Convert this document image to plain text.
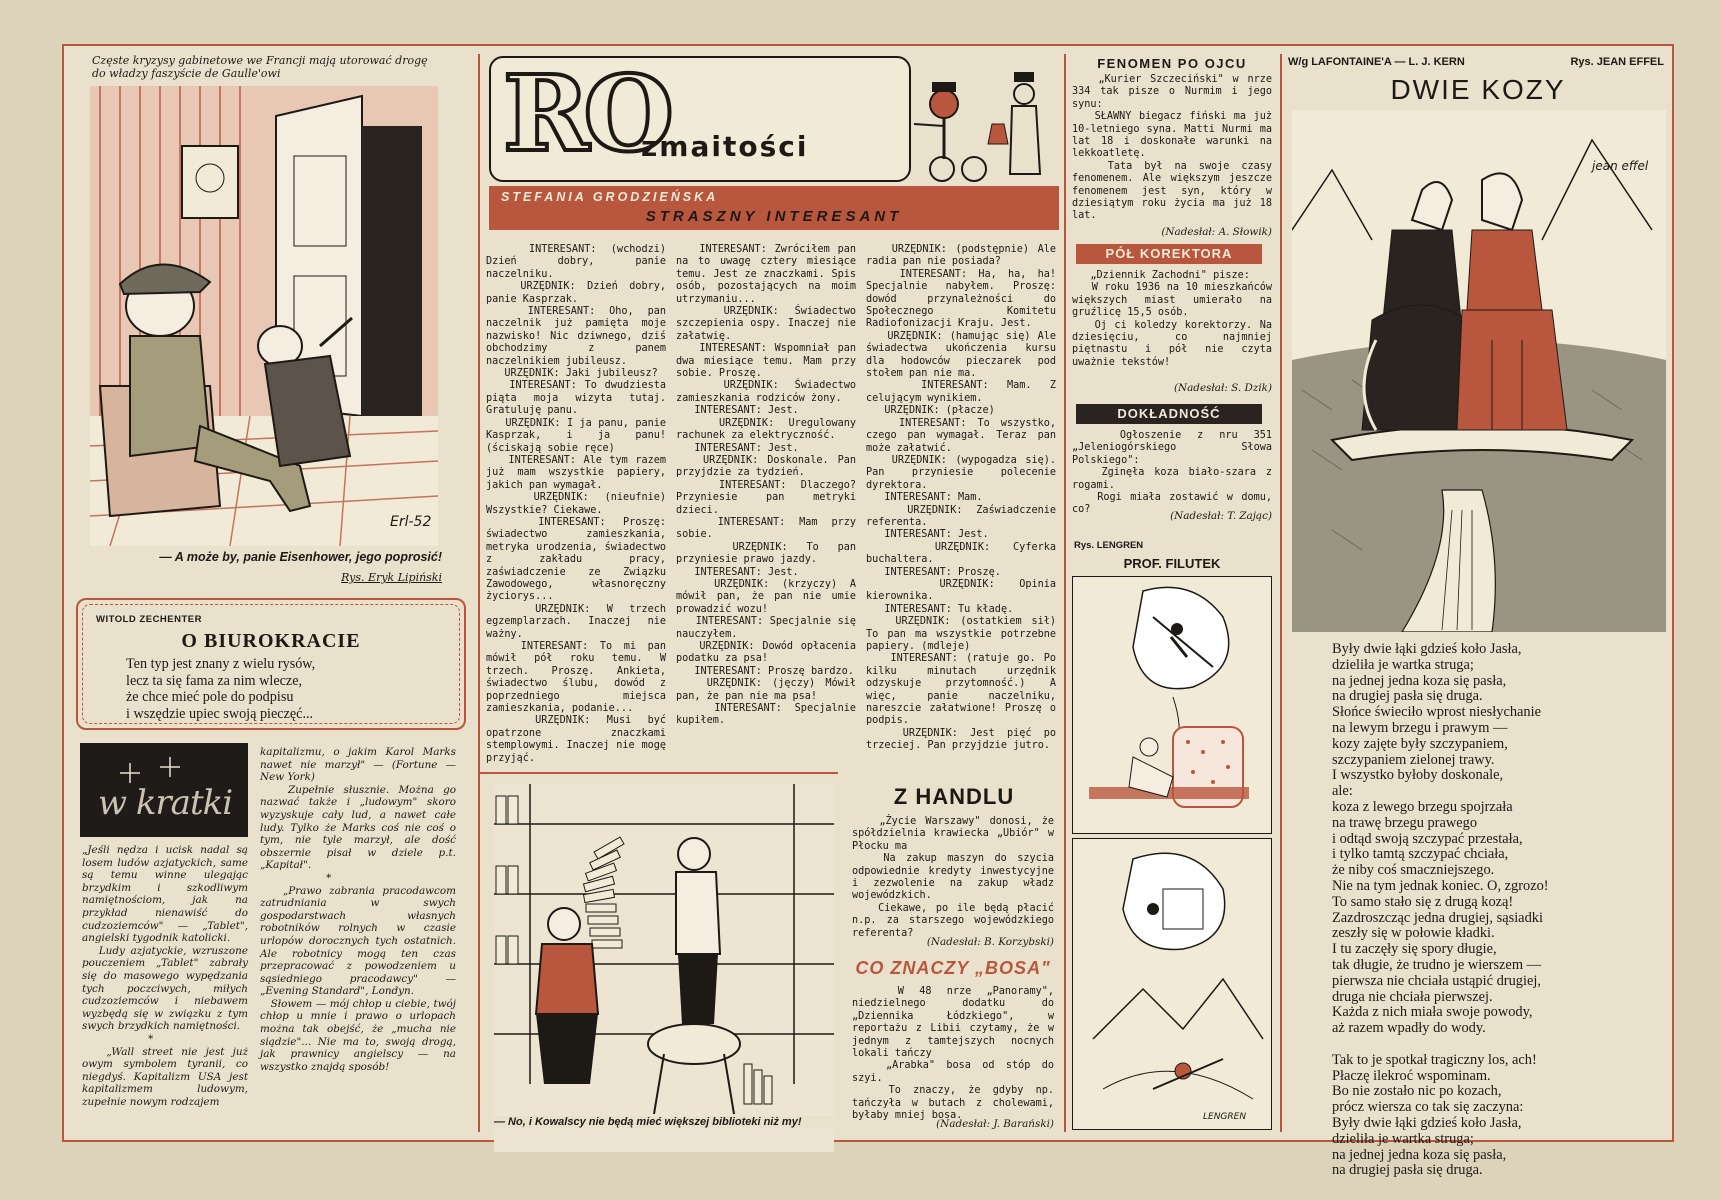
Częste kryzysy gabinetowe we Francji mają utorować drogę do władzy faszyście de Gaulle'owi
Erl-52
— A może by, panie Eisenhower, jego poprosić!
Rys. Eryk Lipiński
WITOLD ZECHENTER
O BIUROKRACIE
Ten typ jest znany z wielu rysów,
lecz ta się fama za nim wlecze,
że chce mieć pole do podpisu
i wszędzie upiec swoją pieczęć...
w kratki
„Jeśli nędza i ucisk nadal są losem ludów azjatyckich, same są temu winne ulegając brzydkim i szkodliwym namiętnościom, jak na przykład nienawiść do cudzoziemców" — „Tablet", angielski tygodnik katolicki.
Ludy azjatyckie, wzruszone pouczeniem „Tablet" zabrały się do masowego wypędzania tych poczciwych, miłych cudzoziemców i niebawem wyzbędą się w związku z tym swych brzydkich namiętności.
*
„Wall street nie jest już owym symbolem tyranii, co niegdyś. Kapitalizm USA jest kapitalizmem ludowym, zupełnie nowym rodzajem
kapitalizmu, o jakim Karol Marks nawet nie marzył" — (Fortune — New York)
Zupełnie słusznie. Można go nazwać także i „ludowym" skoro wyzyskuje cały lud, a nawet całe ludy. Tylko że Marks coś nie coś o tym, nie tyle marzył, ale dość obszernie pisał w dziele p.t. „Kapitał".
*
„Prawo zabrania pracodawcom zatrudniania w swych gospodarstwach własnych robotników rolnych w czasie urlopów dorocznych tych ostatnich. Ale robotnicy mogą ten czas przepracować z powodzeniem u sąsiedniego pracodawcy" — „Evening Standard", Londyn.
Słowem — mój chłop u ciebie, twój chłop u mnie i prawo o urlopach można tak obejść, że „mucha nie siądzie"... Nie ma to, swoją drogą, jak prawnicy angielscy — na wszystko znajdą sposób!
RO
zmaitości
STEFANIA GRODZIEŃSKA
STRASZNY INTERESANT
INTERESANT: (wchodzi) Dzień dobry, panie naczelniku.
URZĘDNIK: Dzień dobry, panie Kasprzak.
INTERESANT: Oho, pan naczelnik już pamięta moje nazwisko! Nic dziwnego, dziś obchodzimy z panem naczelnikiem jubileusz.
URZĘDNIK: Jaki jubileusz?
INTERESANT: To dwudziesta piąta moja wizyta tutaj. Gratuluję panu.
URZĘDNIK: I ja panu, panie Kasprzak, i ja panu! (ściskają sobie ręce)
INTERESANT: Ale tym razem już mam wszystkie papiery, jakich pan wymagał.
URZĘDNIK: (nieufnie) Wszystkie? Ciekawe.
INTERESANT: Proszę: świadectwo zamieszkania, metryka urodzenia, świadectwo z zakładu pracy, zaświadczenie ze Związku Zawodowego, własnoręczny życiorys...
URZĘDNIK: W trzech egzemplarzach. Inaczej nie ważny.
INTERESANT: To mi pan mówił pół roku temu. W trzech. Proszę. Ankieta, świadectwo ślubu, dowód z poprzedniego miejsca zamieszkania, podanie...
URZĘDNIK: Musi być opatrzone znaczkami stemplowymi. Inaczej nie mogę przyjąć.
INTERESANT: Zwróciłem pan na to uwagę cztery miesiące temu. Jest ze znaczkami. Spis osób, pozostających na moim utrzymaniu...
URZĘDNIK: Świadectwo szczepienia ospy. Inaczej nie załatwię.
INTERESANT: Wspomniał pan dwa miesiące temu. Mam przy sobie. Proszę.
URZĘDNIK: Świadectwo zamieszkania rodziców żony.
INTERESANT: Jest.
URZĘDNIK: Uregulowany rachunek za elektryczność.
INTERESANT: Jest.
URZĘDNIK: Doskonale. Pan przyjdzie za tydzień.
INTERESANT: Dlaczego? Przyniesie pan metryki dzieci.
INTERESANT: Mam przy sobie.
URZĘDNIK: To pan przyniesie prawo jazdy.
INTERESANT: Jest.
URZĘDNIK: (krzyczy) A mówił pan, że pan nie umie prowadzić wozu!
INTERESANT: Specjalnie się nauczyłem.
URZĘDNIK: Dowód opłacenia podatku za psa!
INTERESANT: Proszę bardzo.
URZĘDNIK: (jęczy) Mówił pan, że pan nie ma psa!
INTERESANT: Specjalnie kupiłem.
URZĘDNIK: (podstępnie) Ale radia pan nie posiada?
INTERESANT: Ha, ha, ha! Specjalnie nabyłem. Proszę: dowód przynależności do Społecznego Komitetu Radiofonizacji Kraju. Jest.
URZĘDNIK: (hamując się) Ale świadectwa ukończenia kursu dla hodowców pieczarek pod stołem pan nie ma.
INTERESANT: Mam. Z celującym wynikiem.
URZĘDNIK: (płacze)
INTERESANT: To wszystko, czego pan wymagał. Teraz pan może załatwić.
URZĘDNIK: (wypogadza się). Pan przyniesie polecenie dyrektora.
INTERESANT: Mam.
URZĘDNIK: Zaświadczenie referenta.
INTERESANT: Jest.
URZĘDNIK: Cyferka buchaltera.
INTERESANT: Proszę.
URZĘDNIK: Opinia kierownika.
INTERESANT: Tu kładę.
URZĘDNIK: (ostatkiem sił) To pan ma wszystkie potrzebne papiery. (mdleje)
INTERESANT: (ratuje go. Po kilku minutach urzędnik odzyskuje przytomność.) A więc, panie naczelniku, nareszcie załatwione! Proszę o podpis.
URZĘDNIK: Jest pięć po trzeciej. Pan przyjdzie jutro.
— No, i Kowalscy nie będą mieć większej biblioteki niż my!
Z HANDLU
„Życie Warszawy" donosi, że spółdzielnia krawiecka „Ubiór" w Płocku ma
Na zakup maszyn do szycia odpowiednie kredyty inwestycyjne i zezwolenie na zakup władz wojewódzkich.
Ciekawe, po ile będą płacić n.p. za starszego wojewódzkiego referenta?
(Nadesłał: B. Korzybski)
CO ZNACZY „BOSA"
W 48 nrze „Panoramy", niedzielnego dodatku do „Dziennika Łódzkiego", w reportażu z Libii czytamy, że w jednym z tamtejszych nocnych lokali tańczy
„Arabka" bosa od stóp do szyi.
To znaczy, że gdyby np. tańczyła w butach z cholewami, byłaby mniej bosa.
(Nadesłał: J. Barański)
FENOMEN PO OJCU
„Kurier Szczeciński" w nrze 334 tak pisze o Nurmim i jego synu:
SŁAWNY biegacz fiński ma już 10-letniego syna. Matti Nurmi ma lat 18 i doskonałe warunki na lekkoatletę.
Tata był na swoje czasy fenomenem. Ale większym jeszcze fenomenem jest syn, który w dziesiątym roku życia ma już 18 lat.
(Nadesłał: A. Słowik)
PÓŁ KOREKTORA
„Dziennik Zachodni" pisze:
W roku 1936 na 10 mieszkańców większych miast umierało na gruźlicę 15,5 osób.
Oj ci koledzy korektorzy. Na dziesięciu, co najmniej piętnastu i pół nie czyta uważnie tekstów!
(Nadesłał: S. Dzik)
DOKŁADNOŚĆ
Ogłoszenie z nru 351 „Jeleniogórskiego Słowa Polskiego":
Zginęła koza biało-szara z rogami.
Rogi miała zostawić w domu, co?
(Nadesłał: T. Zając)
Rys. LENGREN
PROF. FILUTEK
LENGREN
W/g LAFONTAINE'A — L. J. KERN	Rys. JEAN EFFEL
DWIE KOZY
jean effel
Były dwie łąki gdzieś koło Jasła,
dzieliła je wartka struga;
na jednej jedna koza się pasła,
na drugiej pasła się druga.
Słońce świeciło wprost niesłychanie
na lewym brzegu i prawym —
kozy zajęte były szczypaniem,
szczypaniem zielonej trawy.
I wszystko byłoby doskonale,
ale:
koza z lewego brzegu spojrzała
na trawę brzegu prawego
i odtąd swoją szczypać przestała,
i tylko tamtą szczypać chciała,
że niby coś smaczniejszego.
Nie na tym jednak koniec. O, zgrozo!
To samo stało się z drugą kozą!
Zazdroszcząc jedna drugiej, sąsiadki
zeszły się w połowie kładki.
I tu zaczęły się spory długie,
tak długie, że trudno je wierszem —
pierwsza nie chciała ustąpić drugiej,
druga nie chciała pierwszej.
Każda z nich miała swoje powody,
aż razem wpadły do wody.

Tak to je spotkał tragiczny los, ach!
Płaczę ilekroć wspominam.
Bo nie zostało nic po kozach,
prócz wiersza co tak się zaczyna:
Były dwie łąki gdzieś koło Jasła,
dzieliła je wartka struga;
na jednej jedna koza się pasła,
na drugiej pasła się druga.
